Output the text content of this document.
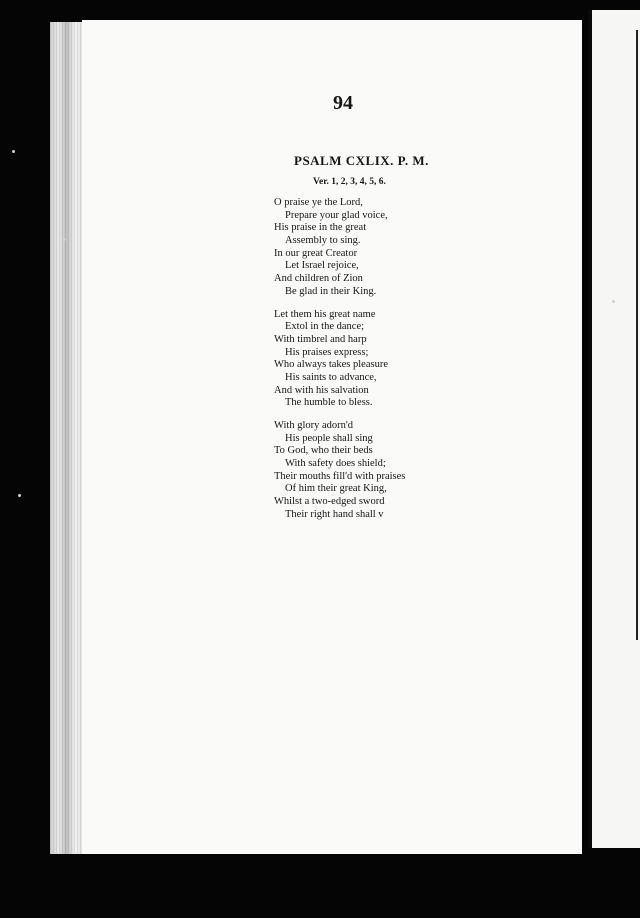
94
PSALM CXLIX. P. M.
Ver. 1, 2, 3, 4, 5, 6.
O praise ye the Lord,
Prepare your glad voice,
His praise in the great
Assembly to sing.
In our great Creator
Let Israel rejoice,
And children of Zion
Be glad in their King.
Let them his great name
Extol in the dance;
With timbrel and harp
His praises express;
Who always takes pleasure
His saints to advance,
And with his salvation
The humble to bless.
With glory adorn'd
His people shall sing
To God, who their beds
With safety does shield;
Their mouths fill'd with praises
Of him their great King,
Whilst a two-edged sword
Their right hand shall v
